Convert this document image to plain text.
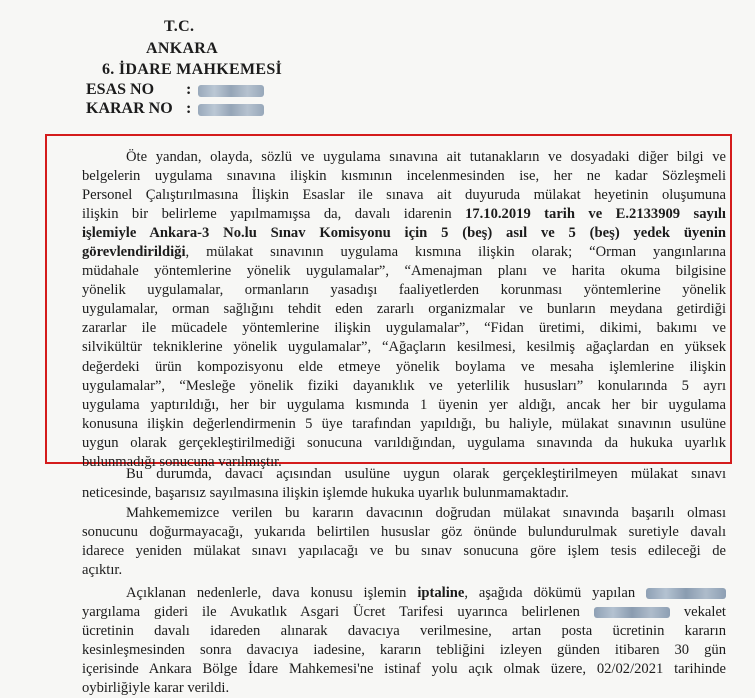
T.C.
ANKARA
6. İDARE MAHKEMESİ
ESAS NO :
KARAR NO :
Öte yandan, olayda, sözlü ve uygulama sınavına ait tutanakların ve dosyadaki diğer bilgi ve
belgelerin uygulama sınavına ilişkin kısmının incelenmesinden ise, her ne kadar Sözleşmeli
Personel Çalıştırılmasına İlişkin Esaslar ile sınava ait duyuruda mülakat heyetinin oluşumuna
ilişkin bir belirleme yapılmamışsa da, davalı idarenin 17.10.2019 tarih ve E.2133909 sayılı
işlemiyle Ankara-3 No.lu Sınav Komisyonu için 5 (beş) asıl ve 5 (beş) yedek üyenin
görevlendirildiği, mülakat sınavının uygulama kısmına ilişkin olarak; “Orman yangınlarına
müdahale yöntemlerine yönelik uygulamalar”, “Amenajman planı ve harita okuma bilgisine
yönelik uygulamalar, ormanların yasadışı faaliyetlerden korunması yöntemlerine yönelik
uygulamalar, orman sağlığını tehdit eden zararlı organizmalar ve bunların meydana getirdiği
zararlar ile mücadele yöntemlerine ilişkin uygulamalar”, “Fidan üretimi, dikimi, bakımı ve
silvikültür tekniklerine yönelik uygulamalar”, “Ağaçların kesilmesi, kesilmiş ağaçlardan en yüksek
değerdeki ürün kompozisyonu elde etmeye yönelik boylama ve mesaha işlemlerine ilişkin
uygulamalar”, “Mesleğe yönelik fiziki dayanıklık ve yeterlilik hususları” konularında 5 ayrı
uygulama yaptırıldığı, her bir uygulama kısmında 1 üyenin yer aldığı, ancak her bir uygulama
konusuna ilişkin değerlendirmenin 5 üye tarafından yapıldığı, bu haliyle, mülakat sınavının usulüne
uygun olarak gerçekleştirilmediği sonucuna varıldığından, uygulama sınavında da hukuka uyarlık
bulunmadığı sonucuna varılmıştır.
Bu durumda, davacı açısından usulüne uygun olarak gerçekleştirilmeyen mülakat sınavı
neticesinde, başarısız sayılmasına ilişkin işlemde hukuka uyarlık bulunmamaktadır.
Mahkememizce verilen bu kararın davacının doğrudan mülakat sınavında başarılı olması
sonucunu doğurmayacağı, yukarıda belirtilen hususlar göz önünde bulundurulmak suretiyle davalı
idarece yeniden mülakat sınavı yapılacağı ve bu sınav sonucuna göre işlem tesis edileceği de
açıktır.
Açıklanan nedenlerle, dava konusu işlemin iptaline, aşağıda dökümü yapılan
yargılama gideri ile Avukatlık Asgari Ücret Tarifesi uyarınca belirlenen	vekalet
ücretinin davalı idareden alınarak davacıya verilmesine, artan posta ücretinin kararın
kesinleşmesinden sonra davacıya iadesine, kararın tebliğini izleyen günden itibaren 30 gün
içerisinde Ankara Bölge İdare Mahkemesi'ne istinaf yolu açık olmak üzere, 02/02/2021 tarihinde
oybirliğiyle karar verildi.
